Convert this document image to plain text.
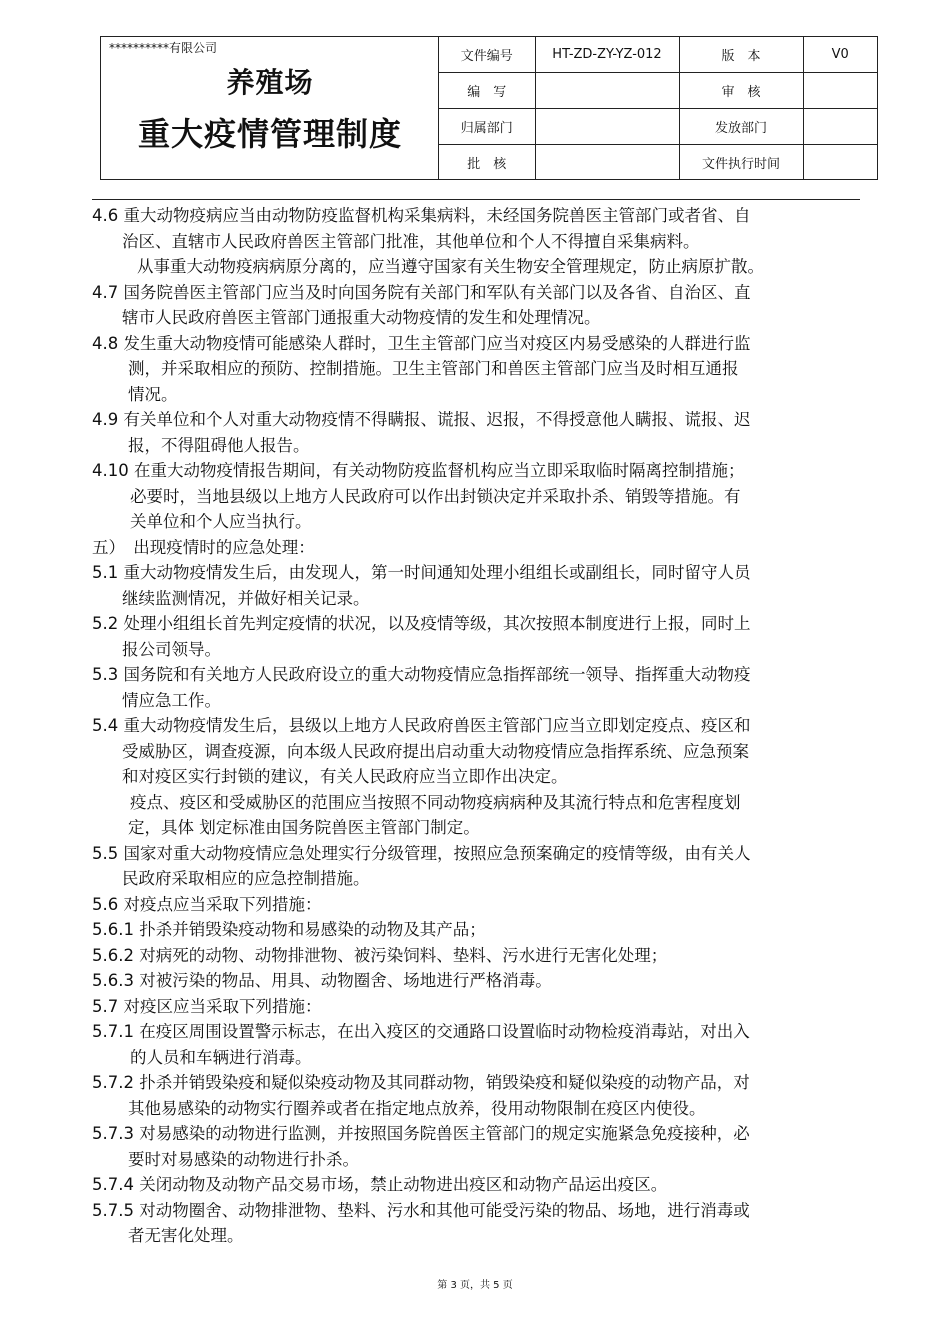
**********有限公司
养殖场
重大疫情管理制度
文件编号	HT-ZD-ZY-YZ-012	版　本	V0
编　写		审　核	
归属部门		发放部门	
批　核		文件执行时间	
4.6 重大动物疫病应当由动物防疫监督机构采集病料，未经国务院兽医主管部门或者省、自
治区、直辖市人民政府兽医主管部门批准，其他单位和个人不得擅自采集病料。
从事重大动物疫病病原分离的，应当遵守国家有关生物安全管理规定，防止病原扩散。
4.7 国务院兽医主管部门应当及时向国务院有关部门和军队有关部门以及各省、自治区、直
辖市人民政府兽医主管部门通报重大动物疫情的发生和处理情况。
4.8 发生重大动物疫情可能感染人群时，卫生主管部门应当对疫区内易受感染的人群进行监
测，并采取相应的预防、控制措施。卫生主管部门和兽医主管部门应当及时相互通报
情况。
4.9 有关单位和个人对重大动物疫情不得瞒报、谎报、迟报，不得授意他人瞒报、谎报、迟
报，不得阻碍他人报告。
4.10 在重大动物疫情报告期间，有关动物防疫监督机构应当立即采取临时隔离控制措施；
必要时，当地县级以上地方人民政府可以作出封锁决定并采取扑杀、销毁等措施。有
关单位和个人应当执行。
五）　出现疫情时的应急处理：
5.1 重大动物疫情发生后，由发现人，第一时间通知处理小组组长或副组长，同时留守人员
继续监测情况，并做好相关记录。
5.2 处理小组组长首先判定疫情的状况，以及疫情等级，其次按照本制度进行上报，同时上
报公司领导。
5.3 国务院和有关地方人民政府设立的重大动物疫情应急指挥部统一领导、指挥重大动物疫
情应急工作。
5.4 重大动物疫情发生后，县级以上地方人民政府兽医主管部门应当立即划定疫点、疫区和
受威胁区，调查疫源，向本级人民政府提出启动重大动物疫情应急指挥系统、应急预案
和对疫区实行封锁的建议，有关人民政府应当立即作出决定。
疫点、疫区和受威胁区的范围应当按照不同动物疫病病种及其流行特点和危害程度划
定，具体 划定标准由国务院兽医主管部门制定。
5.5 国家对重大动物疫情应急处理实行分级管理，按照应急预案确定的疫情等级，由有关人
民政府采取相应的应急控制措施。
5.6 对疫点应当采取下列措施：
5.6.1 扑杀并销毁染疫动物和易感染的动物及其产品；
5.6.2 对病死的动物、动物排泄物、被污染饲料、垫料、污水进行无害化处理；
5.6.3 对被污染的物品、用具、动物圈舍、场地进行严格消毒。
5.7 对疫区应当采取下列措施：
5.7.1 在疫区周围设置警示标志，在出入疫区的交通路口设置临时动物检疫消毒站，对出入
的人员和车辆进行消毒。
5.7.2 扑杀并销毁染疫和疑似染疫动物及其同群动物，销毁染疫和疑似染疫的动物产品，对
其他易感染的动物实行圈养或者在指定地点放养，役用动物限制在疫区内使役。
5.7.3 对易感染的动物进行监测，并按照国务院兽医主管部门的规定实施紧急免疫接种，必
要时对易感染的动物进行扑杀。
5.7.4 关闭动物及动物产品交易市场，禁止动物进出疫区和动物产品运出疫区。
5.7.5 对动物圈舍、动物排泄物、垫料、污水和其他可能受污染的物品、场地，进行消毒或
者无害化处理。
第 3 页，共 5 页
